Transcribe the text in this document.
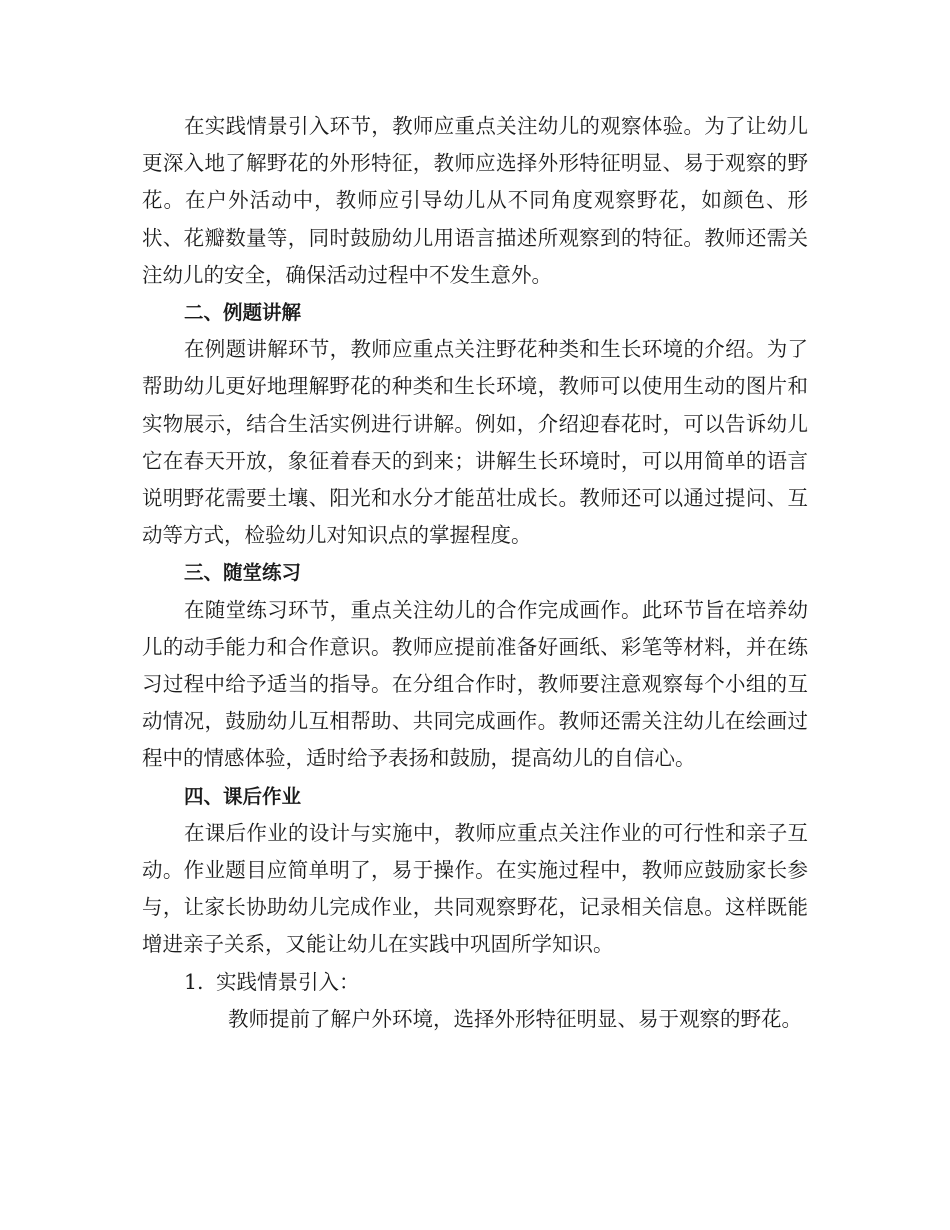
在实践情景引入环节，教师应重点关注幼儿的观察体验。为了让幼儿更深入地了解野花的外形特征，教师应选择外形特征明显、易于观察的野花。在户外活动中，教师应引导幼儿从不同角度观察野花，如颜色、形状、花瓣数量等，同时鼓励幼儿用语言描述所观察到的特征。教师还需关注幼儿的安全，确保活动过程中不发生意外。

二、例题讲解

在例题讲解环节，教师应重点关注野花种类和生长环境的介绍。为了帮助幼儿更好地理解野花的种类和生长环境，教师可以使用生动的图片和实物展示，结合生活实例进行讲解。例如，介绍迎春花时，可以告诉幼儿它在春天开放，象征着春天的到来；讲解生长环境时，可以用简单的语言说明野花需要土壤、阳光和水分才能茁壮成长。教师还可以通过提问、互动等方式，检验幼儿对知识点的掌握程度。

三、随堂练习

在随堂练习环节，重点关注幼儿的合作完成画作。此环节旨在培养幼儿的动手能力和合作意识。教师应提前准备好画纸、彩笔等材料，并在练习过程中给予适当的指导。在分组合作时，教师要注意观察每个小组的互动情况，鼓励幼儿互相帮助、共同完成画作。教师还需关注幼儿在绘画过程中的情感体验，适时给予表扬和鼓励，提高幼儿的自信心。

四、课后作业

在课后作业的设计与实施中，教师应重点关注作业的可行性和亲子互动。作业题目应简单明了，易于操作。在实施过程中，教师应鼓励家长参与，让家长协助幼儿完成作业，共同观察野花，记录相关信息。这样既能增进亲子关系，又能让幼儿在实践中巩固所学知识。

1. 实践情景引入：

教师提前了解户外环境，选择外形特征明显、易于观察的野花。
